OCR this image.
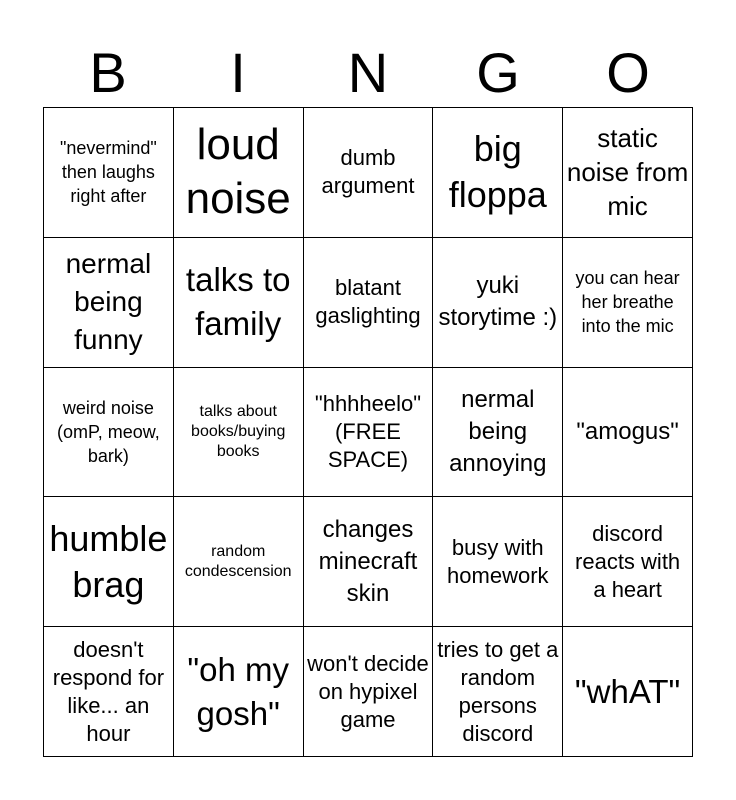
B	I	N	G	O
"nevermind" then laughs right after
loud noise
dumb argument
big floppa
static noise from mic
nermal being funny
talks to family
blatant gaslighting
yuki storytime :)
you can hear her breathe into the mic
weird noise (omP, meow, bark)
talks about books/buying books
"hhhheelo" (FREE SPACE)
nermal being annoying
"amogus"
humble brag
random condescension
changes minecraft skin
busy with homework
discord reacts with a heart
doesn't respond for like... an hour
"oh my gosh"
won't decide on hypixel game
tries to get a random persons discord
"whAT"
